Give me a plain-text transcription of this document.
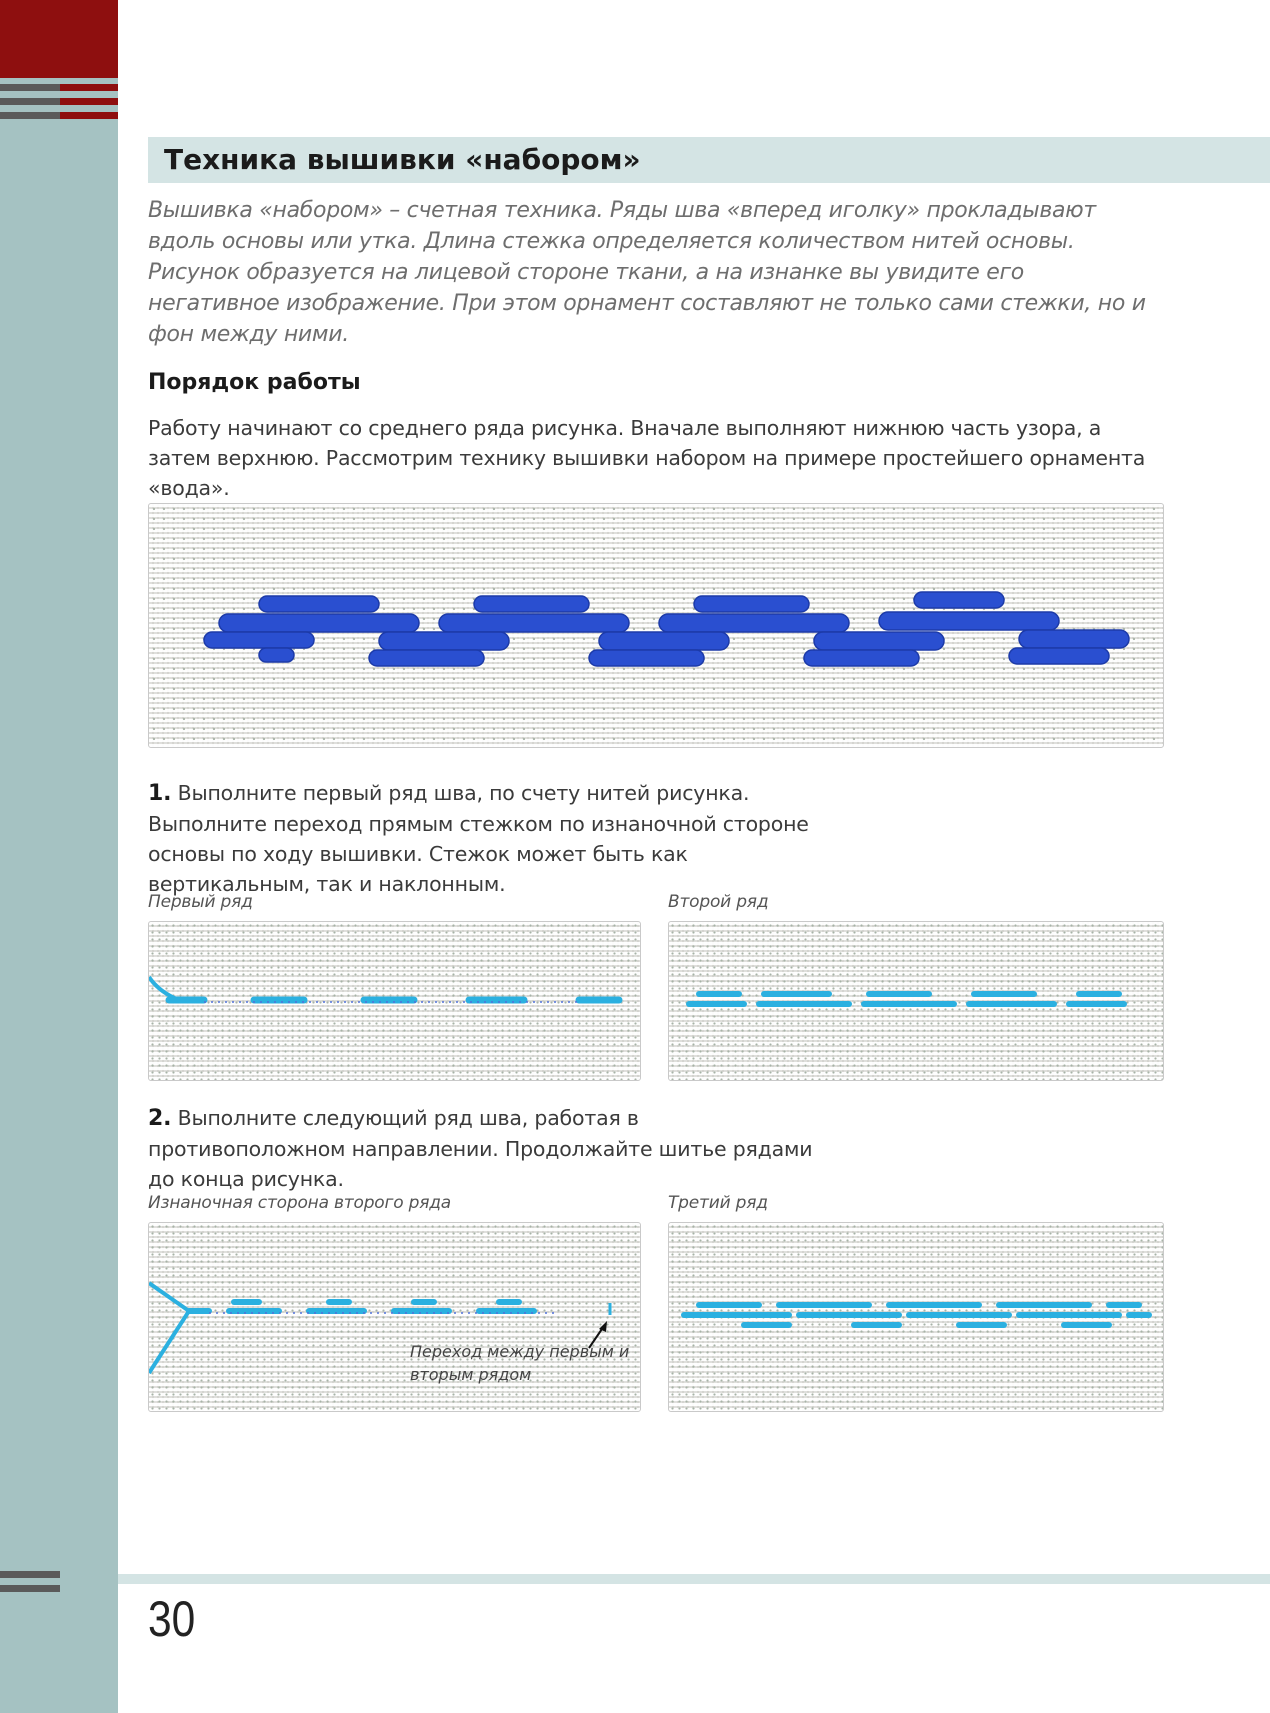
Техника вышивки «набором»
Вышивка «набором» – счетная техника. Ряды шва «вперед иголку» прокладывают вдоль основы или утка. Длина стежка определяется количеством нитей основы. Рисунок образуется на лицевой стороне ткани, а на изнанке вы увидите его негативное изображение. При этом орнамент составляют не только сами стежки, но и фон между ними.
Порядок работы
Работу начинают со среднего ряда рисунка. Вначале выполняют нижнюю часть узора, а затем верхнюю. Рассмотрим технику вышивки набором на примере простейшего орнамента «вода».
1. Выполните первый ряд шва, по счету нитей рисунка. Выполните переход прямым стежком по изнаночной стороне основы по ходу вышивки. Стежок может быть как вертикальным, так и наклонным.
Первый ряд	Второй ряд
2. Выполните следующий ряд шва, работая в противоположном направлении. Продолжайте шитье рядами до конца рисунка.
Изнаночная сторона второго ряда	Третий ряд
Переход между первым и вторым рядом
30
